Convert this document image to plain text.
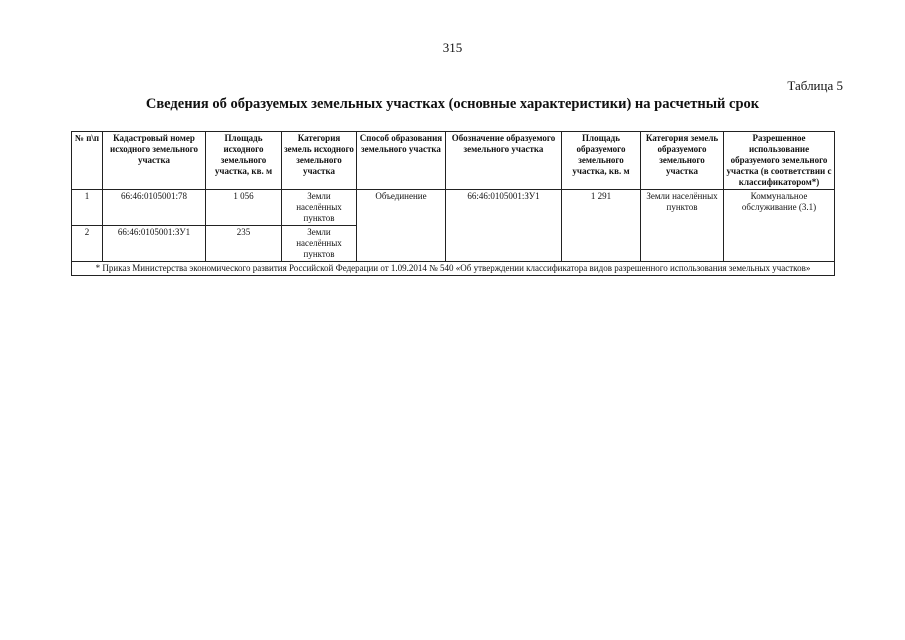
315
Таблица 5
Сведения об образуемых земельных участках (основные характеристики) на расчетный срок
№ п\п	Кадастровый номер исходного земельного участка	Площадь исходного земельного участка, кв. м	Категория земель исходного земельного участка	Способ образования земельного участка	Обозначение образуемого земельного участка	Площадь образуемого земельного участка, кв. м	Категория земель образуемого земельного участка	Разрешенное использование образуемого земельного участка (в соответствии с классификатором*)
1	66:46:0105001:78	1 056	Земли населённых пунктов	Объединение	66:46:0105001:ЗУ1	1 291	Земли населённых пунктов	Коммунальное обслуживание (3.1)
2	66:46:0105001:ЗУ1	235	Земли населённых пунктов					
* Приказ Министерства экономического развития Российской Федерации от 1.09.2014 № 540 «Об утверждении классификатора видов разрешенного использования земельных участков»								
